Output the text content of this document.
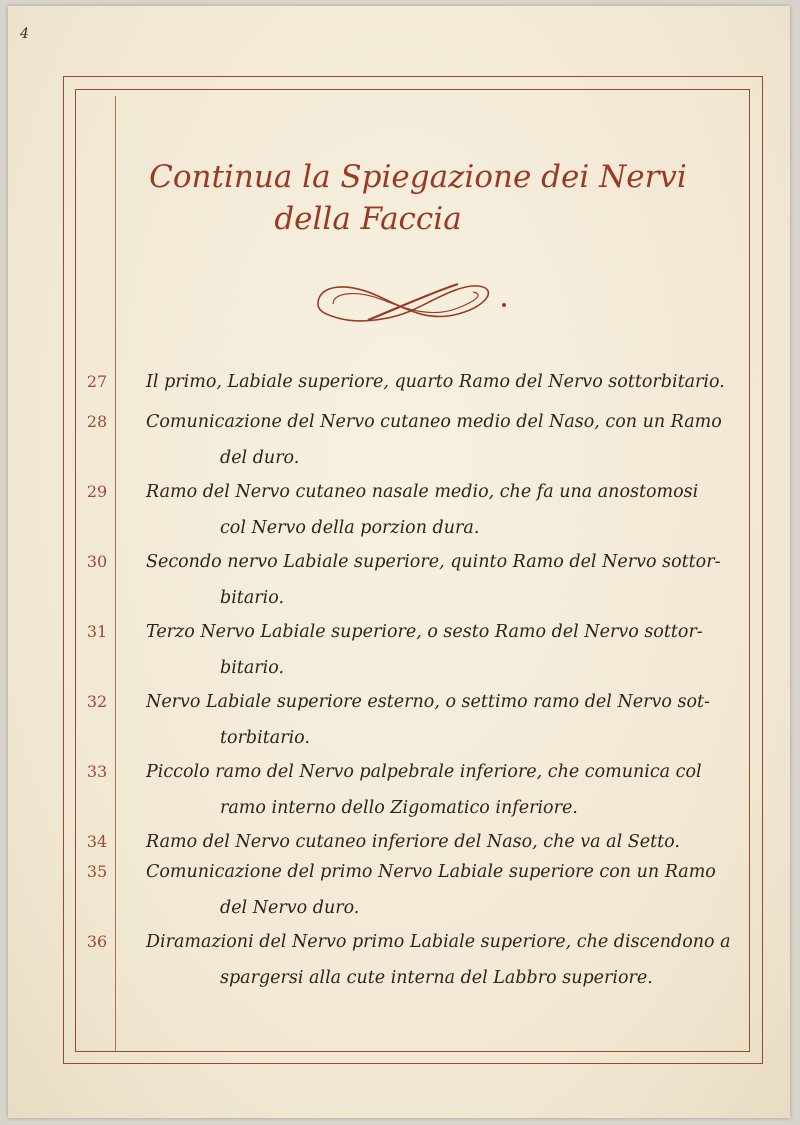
4
Continua la Spiegazione dei Nervi
della Faccia
27	Il primo, Labiale superiore, quarto Ramo del Nervo sottorbitario.
28	Comunicazione del Nervo cutaneo medio del Naso, con un Ramo
del duro.
29	Ramo del Nervo cutaneo nasale medio, che fa una anostomosi
col Nervo della porzion dura.
30	Secondo nervo Labiale superiore, quinto Ramo del Nervo sottor-
bitario.
31	Terzo Nervo Labiale superiore, o sesto Ramo del Nervo sottor-
bitario.
32	Nervo Labiale superiore esterno, o settimo ramo del Nervo sot-
torbitario.
33	Piccolo ramo del Nervo palpebrale inferiore, che comunica col
ramo interno dello Zigomatico inferiore.
34	Ramo del Nervo cutaneo inferiore del Naso, che va al Setto.
35	Comunicazione del primo Nervo Labiale superiore con un Ramo
del Nervo duro.
36	Diramazioni del Nervo primo Labiale superiore, che discendono a
spargersi alla cute interna del Labbro superiore.
